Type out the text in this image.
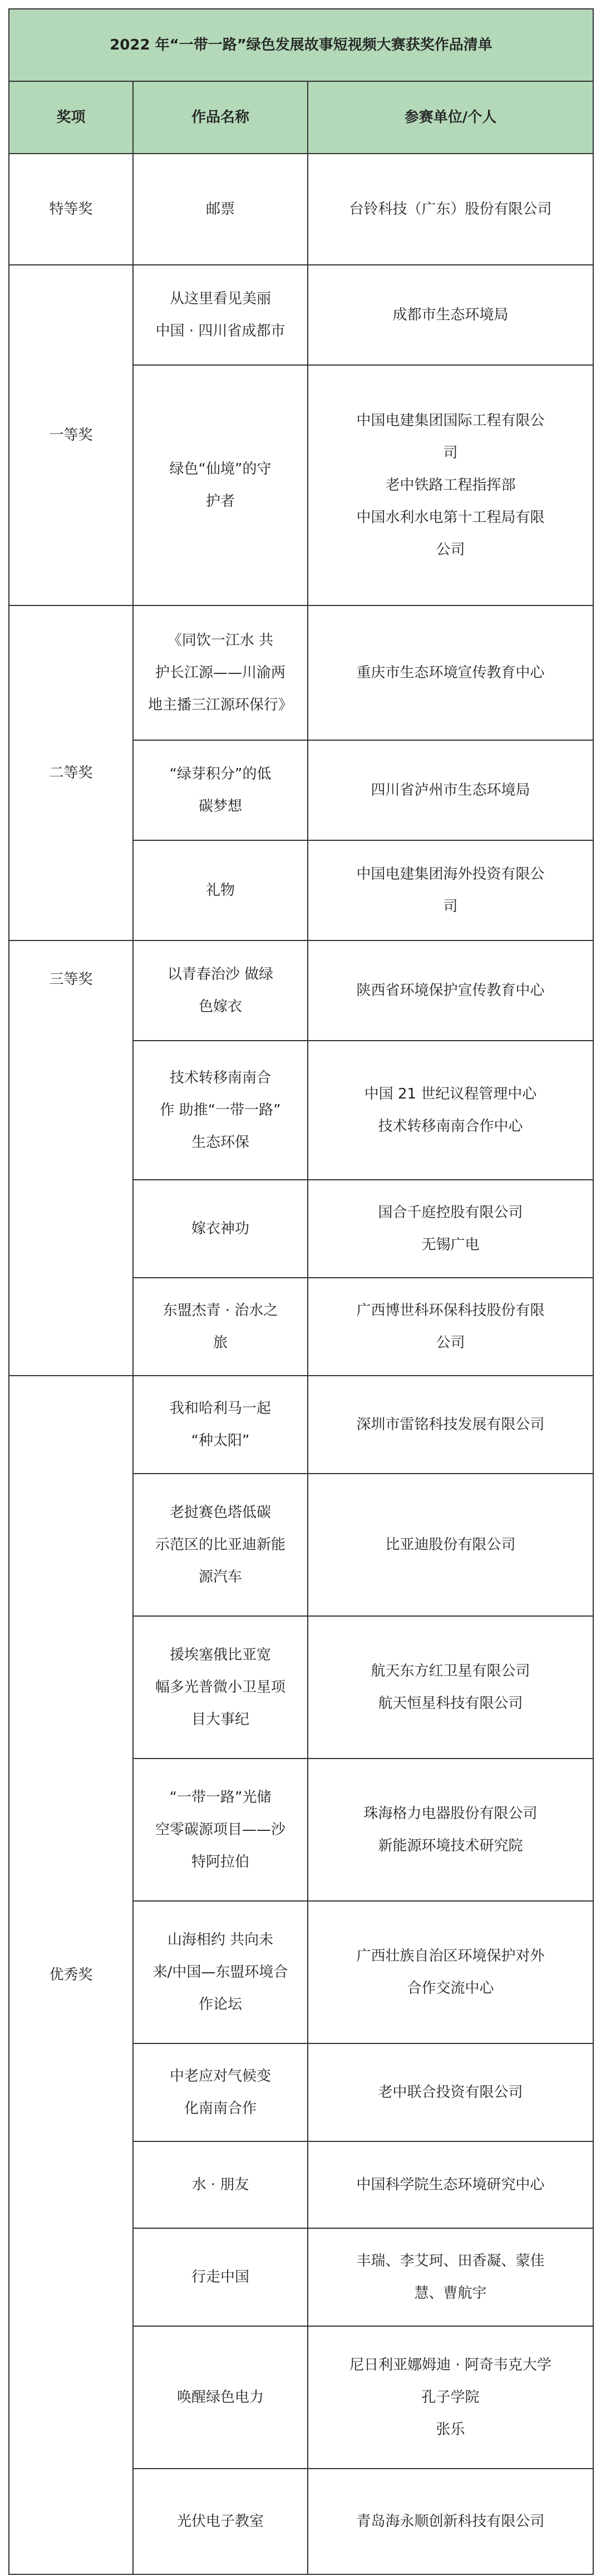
2022 年“一带一路”绿色发展故事短视频大赛获奖作品清单		
奖项	作品名称	参赛单位/个人

特等奖	邮票	台铃科技（广东）股份有限公司

一等奖	从这里看见美丽
中国 · 四川省成都市	成都市生态环境局

	绿色“仙境”的守
护者	中国电建集团国际工程有限公
司
老中铁路工程指挥部
中国水利水电第十工程局有限
公司

二等奖	《同饮一江水 共
护长江源——川渝两
地主播三江源环保行》	重庆市生态环境宣传教育中心

	“绿芽积分”的低
碳梦想	四川省泸州市生态环境局

	礼物	中国电建集团海外投资有限公
司

三等奖	以青春治沙 做绿
色嫁衣	陕西省环境保护宣传教育中心

	技术转移南南合
作 助推“一带一路”
生态环保	中国 21 世纪议程管理中心
技术转移南南合作中心

	嫁衣神功	国合千庭控股有限公司
无锡广电

	东盟杰青 · 治水之
旅	广西博世科环保科技股份有限
公司

优秀奖	我和哈利马一起
“种太阳”	深圳市雷铭科技发展有限公司

	老挝赛色塔低碳
示范区的比亚迪新能
源汽车	比亚迪股份有限公司

	援埃塞俄比亚宽
幅多光普微小卫星项
目大事纪	航天东方红卫星有限公司
航天恒星科技有限公司

	“一带一路”光储
空零碳源项目——沙
特阿拉伯	珠海格力电器股份有限公司
新能源环境技术研究院

	山海相约 共向未
来/中国—东盟环境合
作论坛	广西壮族自治区环境保护对外
合作交流中心

	中老应对气候变
化南南合作	老中联合投资有限公司

	水 · 朋友	中国科学院生态环境研究中心

	行走中国	丰瑞、李艾珂、田香凝、蒙佳
慧、曹航宇

	唤醒绿色电力	尼日利亚娜姆迪 · 阿奇韦克大学
孔子学院
张乐

	光伏电子教室	青岛海永顺创新科技有限公司
